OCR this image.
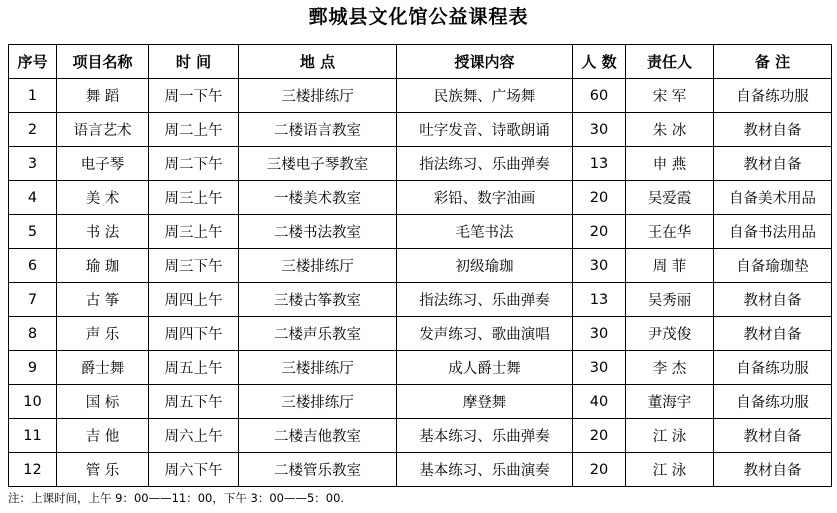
鄄城县文化馆公益课程表
序号	项目名称	时 间	地 点	授课内容	人 数	责任人	备 注
1	舞 蹈	周一下午	三楼排练厅	民族舞、广场舞	60	宋 军	自备练功服
2	语言艺术	周二上午	二楼语言教室	吐字发音、诗歌朗诵	30	朱 冰	教材自备
3	电子琴	周二下午	三楼电子琴教室	指法练习、乐曲弹奏	13	申 燕	教材自备
4	美 术	周三上午	一楼美术教室	彩铅、数字油画	20	吴爱霞	自备美术用品
5	书 法	周三上午	二楼书法教室	毛笔书法	20	王在华	自备书法用品
6	瑜 珈	周三下午	三楼排练厅	初级瑜珈	30	周 菲	自备瑜珈垫
7	古 筝	周四上午	三楼古筝教室	指法练习、乐曲弹奏	13	吴秀丽	教材自备
8	声 乐	周四下午	二楼声乐教室	发声练习、歌曲演唱	30	尹茂俊	教材自备
9	爵士舞	周五上午	三楼排练厅	成人爵士舞	30	李 杰	自备练功服
10	国 标	周五下午	三楼排练厅	摩登舞	40	董海宇	自备练功服
11	吉 他	周六上午	二楼吉他教室	基本练习、乐曲弹奏	20	江 泳	教材自备
12	管 乐	周六下午	二楼管乐教室	基本练习、乐曲演奏	20	江 泳	教材自备
注：上课时间，上午 9：00——11：00，下午 3：00——5：00.
